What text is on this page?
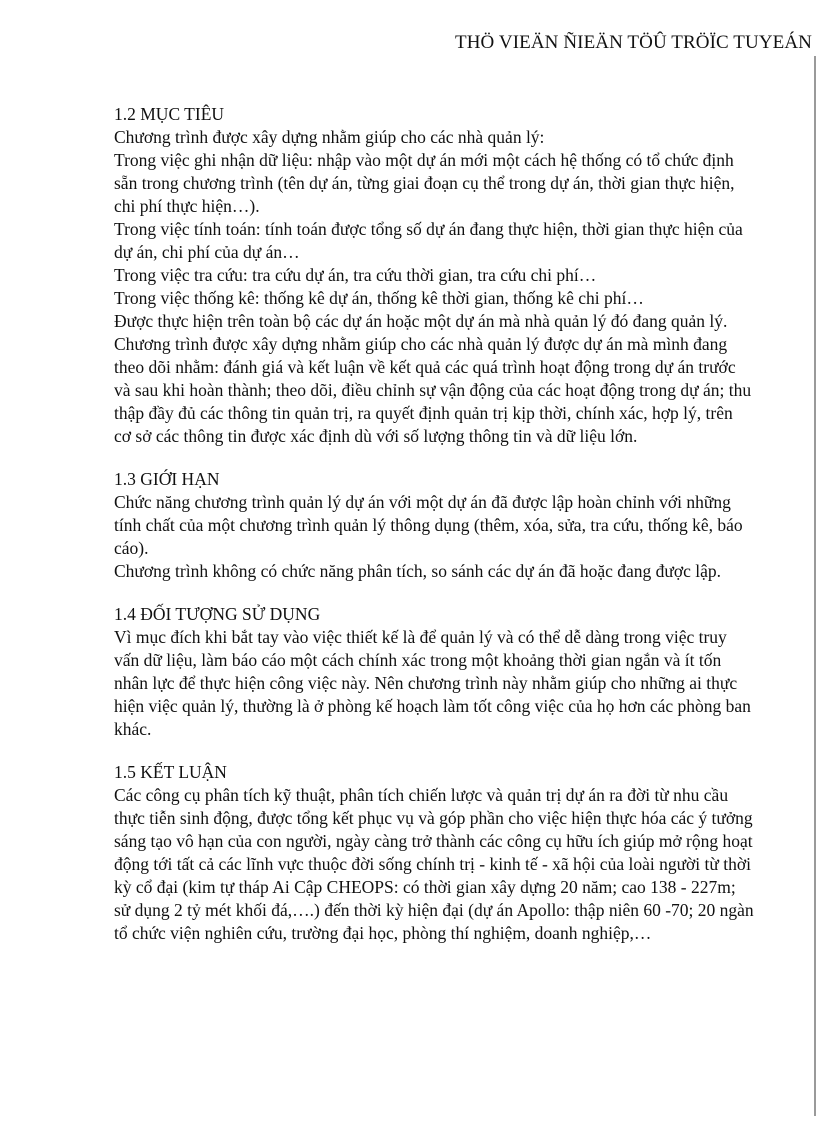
THÖ VIEÄN ÑIEÄN TÖÛ TRÖÏC TUYEÁN
1.2 MỤC TIÊU

Chương trình được xây dựng nhằm giúp cho các nhà quản lý:

Trong việc ghi nhận dữ liệu: nhập vào một dự án mới một cách hệ thống có tổ chức định sẵn trong chương trình (tên dự án, từng giai đoạn cụ thể trong dự án, thời gian thực hiện, chi phí thực hiện…).

Trong việc tính toán: tính toán được tổng số dự án đang thực hiện, thời gian thực hiện của dự án, chi phí của dự án…

Trong việc tra cứu: tra cứu dự án, tra cứu thời gian, tra cứu chi phí…

Trong việc thống kê: thống kê dự án, thống kê thời gian, thống kê chi phí…

Được thực hiện trên toàn bộ các dự án hoặc một dự án mà nhà quản lý đó đang quản lý.

Chương trình được xây dựng nhằm giúp cho các nhà quản lý được dự án mà mình đang theo dõi nhằm: đánh giá và kết luận về kết quả các quá trình hoạt động trong dự án trước và sau khi hoàn thành; theo dõi, điều chỉnh sự vận động của các hoạt động trong dự án; thu thập đầy đủ các thông tin quản trị, ra quyết định quản trị kịp thời, chính xác, hợp lý, trên cơ sở các thông tin được xác định dù với số lượng thông tin và dữ liệu lớn.

1.3 GIỚI HẠN

Chức năng chương trình quản lý dự án với một dự án đã được lập hoàn chỉnh với những tính chất của một chương trình quản lý thông dụng (thêm, xóa, sửa, tra cứu, thống kê, báo cáo).

Chương trình không có chức năng phân tích, so sánh các dự án đã hoặc đang được lập.

1.4 ĐỐI TƯỢNG SỬ DỤNG

Vì mục đích khi bắt tay vào việc thiết kế là để quản lý và có thể dễ dàng trong việc truy vấn dữ liệu, làm báo cáo một cách chính xác trong một khoảng thời gian ngắn và ít tốn nhân lực để thực hiện công việc này. Nên chương trình này nhằm giúp cho những ai thực hiện việc quản lý, thường là ở phòng kế hoạch làm tốt công việc của họ hơn các phòng ban khác.

1.5 KẾT LUẬN

Các công cụ phân tích kỹ thuật, phân tích chiến lược và quản trị dự án ra đời từ nhu cầu thực tiễn sinh động, được tổng kết phục vụ và góp phần cho việc hiện thực hóa các ý tưởng sáng tạo vô hạn của con người, ngày càng trở thành các công cụ hữu ích giúp mở rộng hoạt động tới tất cả các lĩnh vực thuộc đời sống chính trị - kinh tế - xã hội của loài người từ thời kỳ cổ đại (kim tự tháp Ai Cập CHEOPS: có thời gian xây dựng 20 năm; cao 138 - 227m; sử dụng 2 tỷ mét khối đá,….) đến thời kỳ hiện đại (dự án Apollo: thập niên 60 -70; 20 ngàn tổ chức viện nghiên cứu, trường đại học, phòng thí nghiệm, doanh nghiệp,…
